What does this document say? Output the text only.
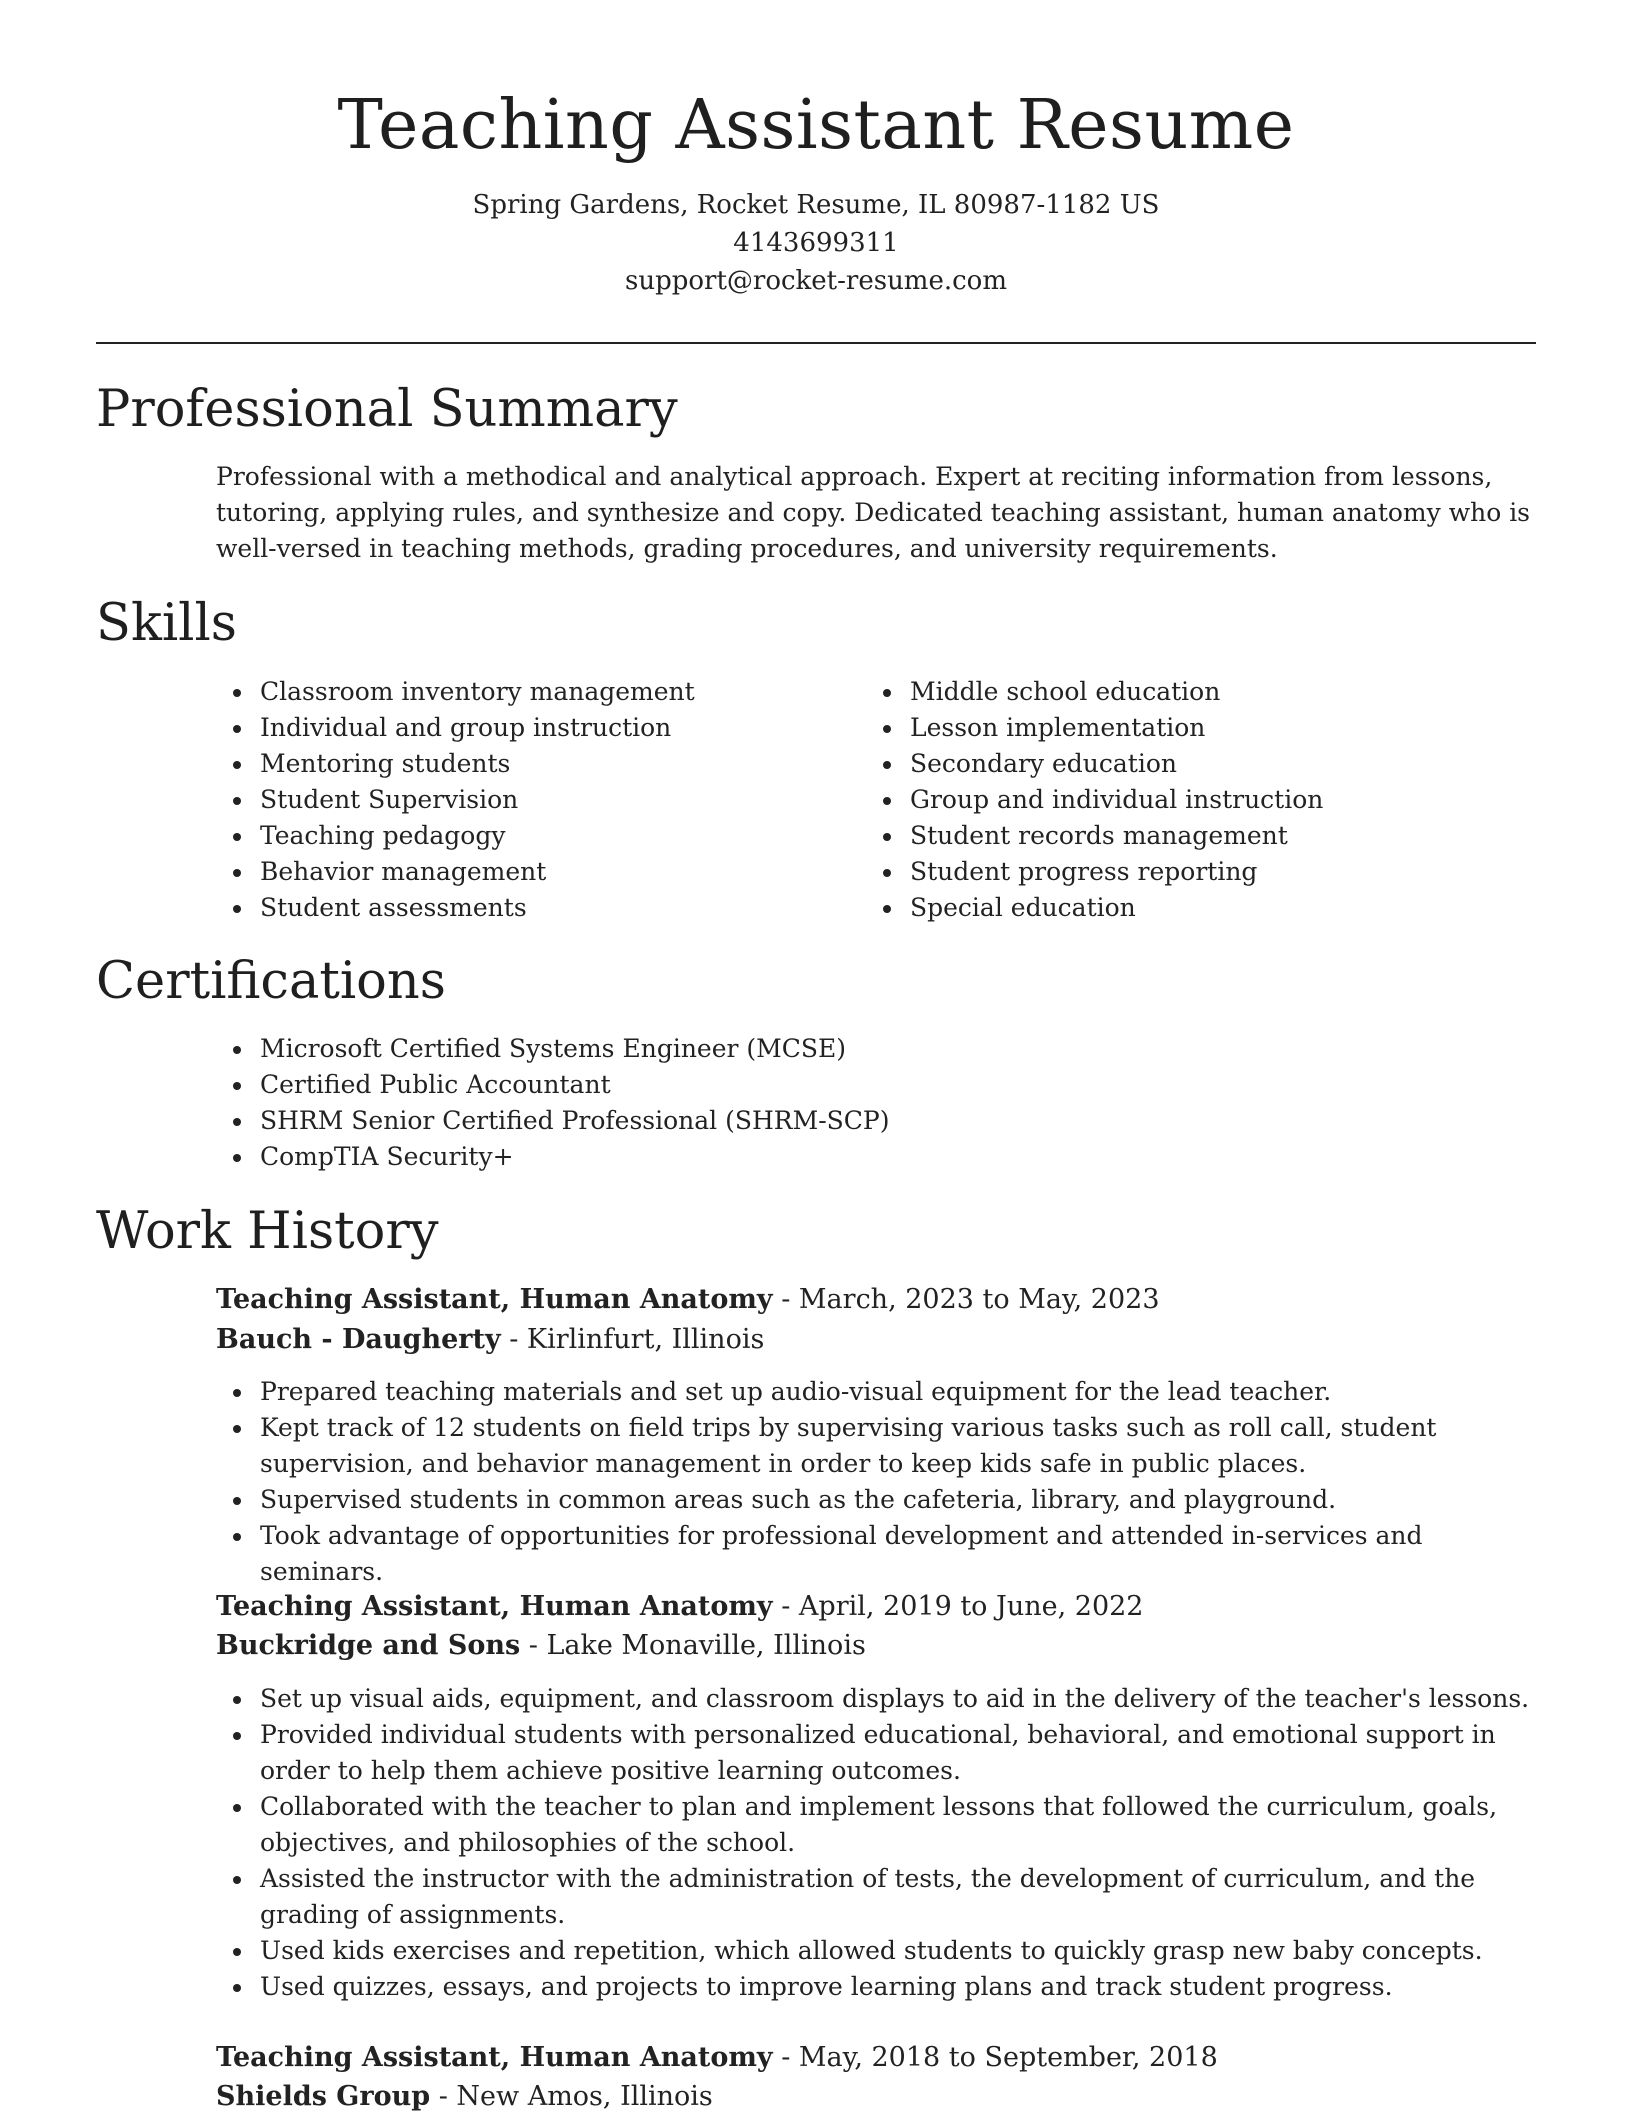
Teaching Assistant Resume
Spring Gardens, Rocket Resume, IL 80987-1182 US
4143699311
support@rocket-resume.com
Professional Summary

Professional with a methodical and analytical approach. Expert at reciting information from lessons, tutoring, applying rules, and synthesize and copy. Dedicated teaching assistant, human anatomy who is well-versed in teaching methods, grading procedures, and university requirements.

Skills
Classroom inventory management
Individual and group instruction
Mentoring students
Student Supervision
Teaching pedagogy
Behavior management
Student assessments
Middle school education
Lesson implementation
Secondary education
Group and individual instruction
Student records management
Student progress reporting
Special education
Certifications
Microsoft Certified Systems Engineer (MCSE)
Certified Public Accountant
SHRM Senior Certified Professional (SHRM-SCP)
CompTIA Security+
Work History
Teaching Assistant, Human Anatomy - March, 2023 to May, 2023
Bauch - Daugherty - Kirlinfurt, Illinois
Prepared teaching materials and set up audio-visual equipment for the lead teacher.
Kept track of 12 students on field trips by supervising various tasks such as roll call, student supervision, and behavior management in order to keep kids safe in public places.
Supervised students in common areas such as the cafeteria, library, and playground.
Took advantage of opportunities for professional development and attended in-services and seminars.
Teaching Assistant, Human Anatomy - April, 2019 to June, 2022
Buckridge and Sons - Lake Monaville, Illinois
Set up visual aids, equipment, and classroom displays to aid in the delivery of the teacher's lessons.
Provided individual students with personalized educational, behavioral, and emotional support in order to help them achieve positive learning outcomes.
Collaborated with the teacher to plan and implement lessons that followed the curriculum, goals, objectives, and philosophies of the school.
Assisted the instructor with the administration of tests, the development of curriculum, and the grading of assignments.
Used kids exercises and repetition, which allowed students to quickly grasp new baby concepts.
Used quizzes, essays, and projects to improve learning plans and track student progress.
Teaching Assistant, Human Anatomy - May, 2018 to September, 2018
Shields Group - New Amos, Illinois
